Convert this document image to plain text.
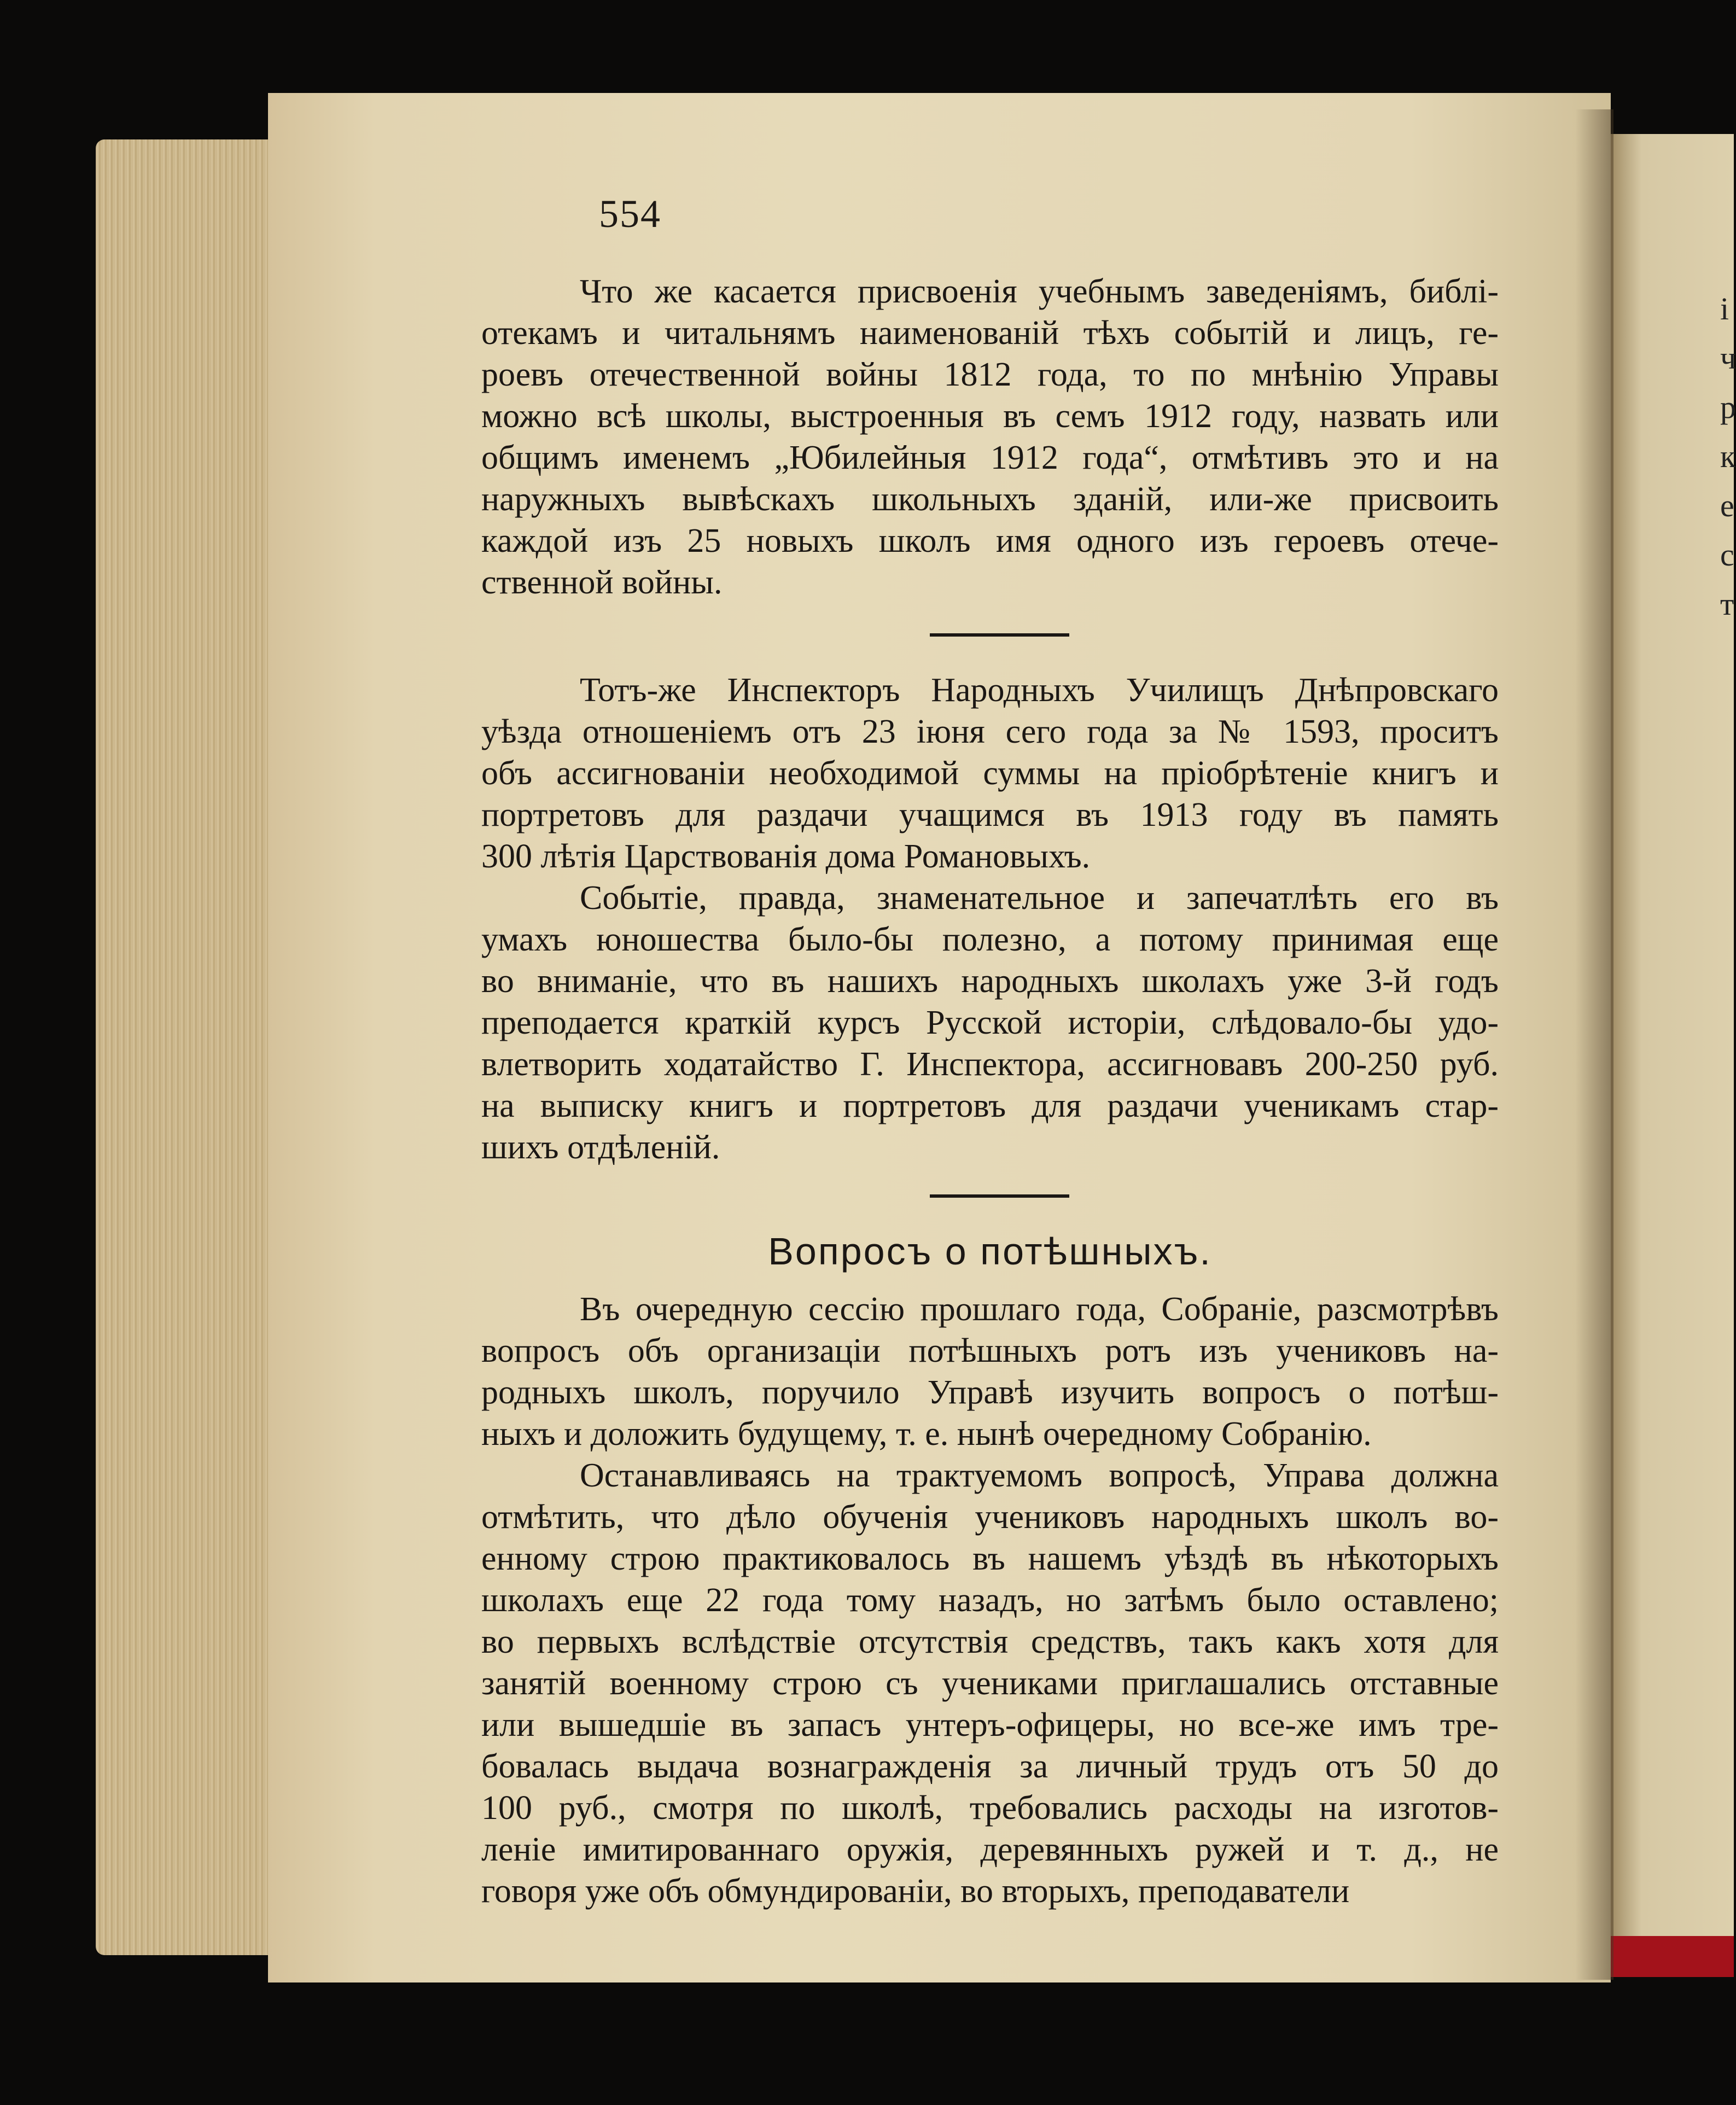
і
ч
р
к
е
с
т
554
Что же касается присвоенія учебнымъ заведеніямъ, библі-
отекамъ и читальнямъ наименованій тѣхъ событій и лицъ, ге-
роевъ отечественной войны 1812 года, то по мнѣнію Управы
можно всѣ школы, выстроенныя въ семъ 1912 году, назвать или
общимъ именемъ „Юбилейныя 1912 года“, отмѣтивъ это и на
наружныхъ вывѣскахъ школьныхъ зданій, или-же присвоить
каждой изъ 25 новыхъ школъ имя одного изъ героевъ отече-
ственной войны.
Тотъ-же Инспекторъ Народныхъ Училищъ Днѣпровскаго
уѣзда отношеніемъ отъ 23 іюня сего года за № 1593, проситъ
объ ассигнованіи необходимой суммы на пріобрѣтеніе книгъ и
портретовъ для раздачи учащимся въ 1913 году въ память
300 лѣтія Царствованія дома Романовыхъ.
Событіе, правда, знаменательное и запечатлѣть его въ
умахъ юношества было-бы полезно, а потому принимая еще
во вниманіе, что въ нашихъ народныхъ школахъ уже 3-й годъ
преподается краткій курсъ Русской исторіи, слѣдовало-бы удо-
влетворить ходатайство Г. Инспектора, ассигновавъ 200-250 руб.
на выписку книгъ и портретовъ для раздачи ученикамъ стар-
шихъ отдѣленій.
Вопросъ о потѣшныхъ.
Въ очередную сессію прошлаго года, Собраніе, разсмотрѣвъ
вопросъ объ организаціи потѣшныхъ ротъ изъ учениковъ на-
родныхъ школъ, поручило Управѣ изучить вопросъ о потѣш-
ныхъ и доложить будущему, т. е. нынѣ очередному Собранію.
Останавливаясь на трактуемомъ вопросѣ, Управа должна
отмѣтить, что дѣло обученія учениковъ народныхъ школъ во-
енному строю практиковалось въ нашемъ уѣздѣ въ нѣкоторыхъ
школахъ еще 22 года тому назадъ, но затѣмъ было оставлено;
во первыхъ вслѣдствіе отсутствія средствъ, такъ какъ хотя для
занятій военному строю съ учениками приглашались отставные
или вышедшіе въ запасъ унтеръ-офицеры, но все-же имъ тре-
бовалась выдача вознагражденія за личный трудъ отъ 50 до
100 руб., смотря по школѣ, требовались расходы на изготов-
леніе имитированнаго оружія, деревянныхъ ружей и т. д., не
говоря уже объ обмундированіи, во вторыхъ, преподаватели
